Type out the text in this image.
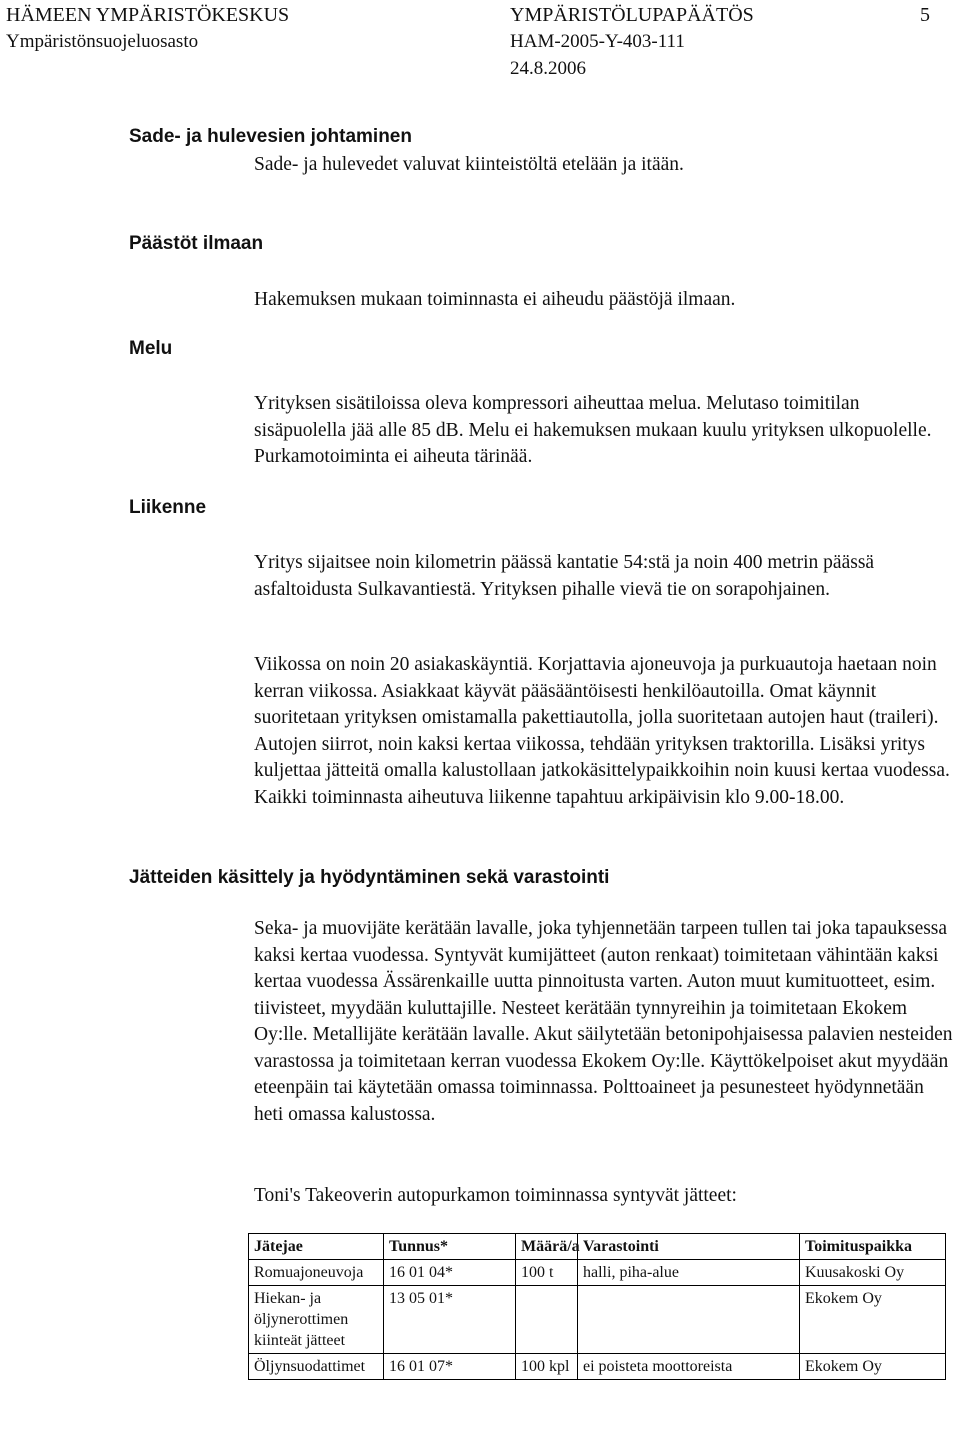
HÄMEEN YMPÄRISTÖKESKUS	YMPÄRISTÖLUPAPÄÄTÖS	5
Ympäristönsuojeluosasto	HAM-2005-Y-403-111
24.8.2006
Sade- ja hulevesien johtaminen
Sade- ja hulevedet valuvat kiinteistöltä etelään ja itään.
Päästöt ilmaan
Hakemuksen mukaan toiminnasta ei aiheudu päästöjä ilmaan.
Melu
Yrityksen sisätiloissa oleva kompressori aiheuttaa melua. Melutaso toimitilan sisäpuolella jää alle 85 dB. Melu ei hakemuksen mukaan kuulu yrityksen ulkopuolelle. Purkamotoiminta ei aiheuta tärinää.
Liikenne
Yritys sijaitsee noin kilometrin päässä kantatie 54:stä ja noin 400 metrin päässä asfaltoidusta Sulkavantiestä. Yrityksen pihalle vievä tie on sorapohjainen.
Viikossa on noin 20 asiakaskäyntiä. Korjattavia ajoneuvoja ja purkuautoja haetaan noin kerran viikossa. Asiakkaat käyvät pääsääntöisesti henkilöautoilla. Omat käynnit suoritetaan yrityksen omistamalla pakettiautolla, jolla suoritetaan autojen haut (traileri). Autojen siirrot, noin kaksi kertaa viikossa, tehdään yrityksen traktorilla. Lisäksi yritys kuljettaa jätteitä omalla kalustollaan jatkokäsittelypaikkoihin noin kuusi kertaa vuodessa. Kaikki toiminnasta aiheutuva liikenne tapahtuu arkipäivisin klo 9.00-18.00.
Jätteiden käsittely ja hyödyntäminen sekä varastointi
Seka- ja muovijäte kerätään lavalle, joka tyhjennetään tarpeen tullen tai joka tapauksessa kaksi kertaa vuodessa. Syntyvät kumijätteet (auton renkaat) toimitetaan vähintään kaksi kertaa vuodessa Ässärenkaille uutta pinnoitusta varten. Auton muut kumituotteet, esim. tiivisteet, myydään kuluttajille. Nesteet kerätään tynnyreihin ja toimitetaan Ekokem Oy:lle. Metallijäte kerätään lavalle. Akut säilytetään betonipohjaisessa palavien nesteiden varastossa ja toimitetaan kerran vuodessa Ekokem Oy:lle. Käyttökelpoiset akut myydään eteenpäin tai käytetään omassa toiminnassa. Polttoaineet ja pesunesteet hyödynnetään heti omassa kalustossa.
Toni's Takeoverin autopurkamon toiminnassa syntyvät jätteet:
Jätejae	Tunnus*	Määrä/a	Varastointi	Toimituspaikka
Romuajoneuvoja	16 01 04*	100 t	halli, piha-alue	Kuusakoski Oy
Hiekan- ja öljynerottimen kiinteät jätteet	13 05 01*			Ekokem Oy
Öljynsuodattimet	16 01 07*	100 kpl	ei poisteta moottoreista	Ekokem Oy
